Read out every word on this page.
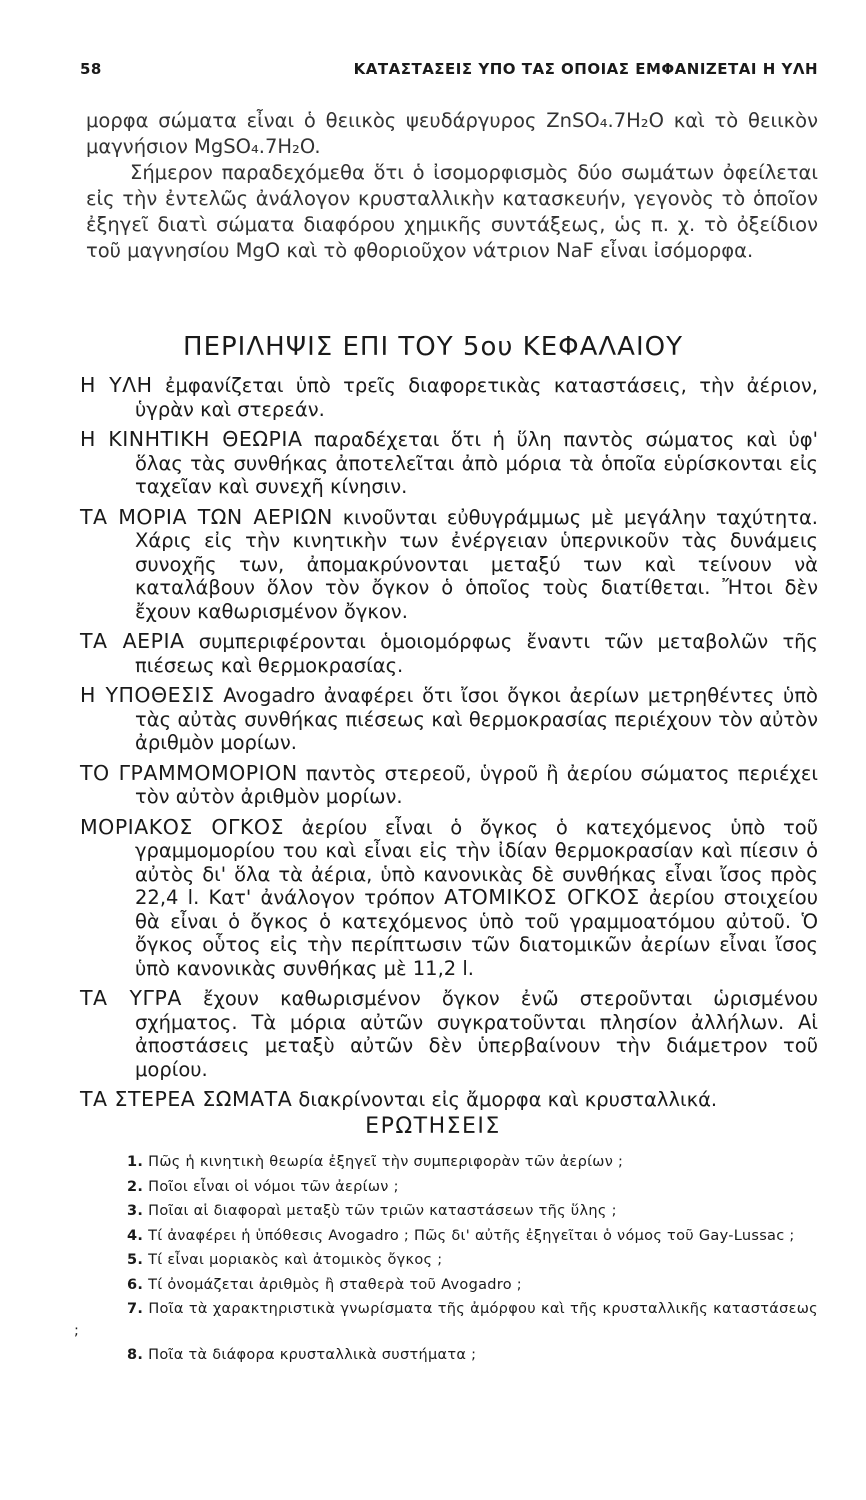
58	ΚΑΤΑΣΤΑΣΕΙΣ ΥΠΟ ΤΑΣ ΟΠΟΙΑΣ ΕΜΦΑΝΙΖΕΤΑΙ Η ΥΛΗ

μορφα σώματα εἶναι ὁ θειικὸς ψευδάργυρος ZnSO₄.7H₂O καὶ τὸ θειικὸν μαγνήσιον MgSO₄.7H₂O.

Σήμερον παραδεχόμεθα ὅτι ὁ ἰσομορφισμὸς δύο σωμάτων ὀφείλεται εἰς τὴν ἐντελῶς ἀνάλογον κρυσταλλικὴν κατασκευήν, γεγονὸς τὸ ὁποῖον ἐξηγεῖ διατὶ σώματα διαφόρου χημικῆς συντάξεως, ὡς π. χ. τὸ ὀξείδιον τοῦ μαγνησίου MgO καὶ τὸ φθοριοῦχον νάτριον NaF εἶναι ἰσόμορφα.

ΠΕΡΙΛΗΨΙΣ ΕΠΙ ΤΟΥ 5ου ΚΕΦΑΛΑΙΟΥ

Η ΥΛΗ ἐμφανίζεται ὑπὸ τρεῖς διαφορετικὰς καταστάσεις, τὴν ἀέριον, ὑγρὰν καὶ στερεάν.

Η ΚΙΝΗΤΙΚΗ ΘΕΩΡΙΑ παραδέχεται ὅτι ἡ ὕλη παντὸς σώματος καὶ ὑφ' ὅλας τὰς συνθήκας ἀποτελεῖται ἀπὸ μόρια τὰ ὁποῖα εὑρίσκονται εἰς ταχεῖαν καὶ συνεχῆ κίνησιν.

ΤΑ ΜΟΡΙΑ ΤΩΝ ΑΕΡΙΩΝ κινοῦνται εὐθυγράμμως μὲ μεγάλην ταχύτητα. Χάρις εἰς τὴν κινητικὴν των ἐνέργειαν ὑπερνικοῦν τὰς δυνάμεις συνοχῆς των, ἀπομακρύνονται μεταξύ των καὶ τείνουν νὰ καταλάβουν ὅλον τὸν ὄγκον ὁ ὁποῖος τοὺς διατίθεται. Ἤτοι δὲν ἔχουν καθωρισμένον ὄγκον.

ΤΑ ΑΕΡΙΑ συμπεριφέρονται ὁμοιομόρφως ἔναντι τῶν μεταβολῶν τῆς πιέσεως καὶ θερμοκρασίας.

Η ΥΠΟΘΕΣΙΣ Avogadro ἀναφέρει ὅτι ἴσοι ὄγκοι ἀερίων μετρηθέντες ὑπὸ τὰς αὐτὰς συνθήκας πιέσεως καὶ θερμοκρασίας περιέχουν τὸν αὐτὸν ἀριθμὸν μορίων.

ΤΟ ΓΡΑΜΜΟΜΟΡΙΟΝ παντὸς στερεοῦ, ὑγροῦ ἢ ἀερίου σώματος περιέχει τὸν αὐτὸν ἀριθμὸν μορίων.

ΜΟΡΙΑΚΟΣ ΟΓΚΟΣ ἀερίου εἶναι ὁ ὄγκος ὁ κατεχόμενος ὑπὸ τοῦ γραμμομορίου του καὶ εἶναι εἰς τὴν ἰδίαν θερμοκρασίαν καὶ πίεσιν ὁ αὐτὸς δι' ὅλα τὰ ἀέρια, ὑπὸ κανονικὰς δὲ συνθήκας εἶναι ἴσος πρὸς 22,4 l. Κατ' ἀνάλογον τρόπον ΑΤΟΜΙΚΟΣ ΟΓΚΟΣ ἀερίου στοιχείου θὰ εἶναι ὁ ὄγκος ὁ κατεχόμενος ὑπὸ τοῦ γραμμοατόμου αὐτοῦ. Ὁ ὄγκος οὗτος εἰς τὴν περίπτωσιν τῶν διατομικῶν ἀερίων εἶναι ἴσος ὑπὸ κανονικὰς συνθήκας μὲ 11,2 l.

ΤΑ ΥΓΡΑ ἔχουν καθωρισμένον ὄγκον ἐνῶ στεροῦνται ὡρισμένου σχήματος. Τὰ μόρια αὐτῶν συγκρατοῦνται πλησίον ἀλλήλων. Αἱ ἀποστάσεις μεταξὺ αὐτῶν δὲν ὑπερβαίνουν τὴν διάμετρον τοῦ μορίου.

ΤΑ ΣΤΕΡΕΑ ΣΩΜΑΤΑ διακρίνονται εἰς ἄμορφα καὶ κρυσταλλικά.

ΕΡΩΤΗΣΕΙΣ

1. Πῶς ἡ κινητικὴ θεωρία ἐξηγεῖ τὴν συμπεριφορὰν τῶν ἀερίων ;

2. Ποῖοι εἶναι οἱ νόμοι τῶν ἀερίων ;

3. Ποῖαι αἱ διαφοραὶ μεταξὺ τῶν τριῶν καταστάσεων τῆς ὕλης ;

4. Τί ἀναφέρει ἡ ὑπόθεσις Avogadro ; Πῶς δι' αὐτῆς ἐξηγεῖται ὁ νόμος τοῦ Gay-Lussac ;

5. Τί εἶναι μοριακὸς καὶ ἀτομικὸς ὄγκος ;

6. Τί ὀνομάζεται ἀριθμὸς ἢ σταθερὰ τοῦ Avogadro ;

7. Ποῖα τὰ χαρακτηριστικὰ γνωρίσματα τῆς ἀμόρφου καὶ τῆς κρυσταλλικῆς καταστάσεως ;

8. Ποῖα τὰ διάφορα κρυσταλλικὰ συστήματα ;
